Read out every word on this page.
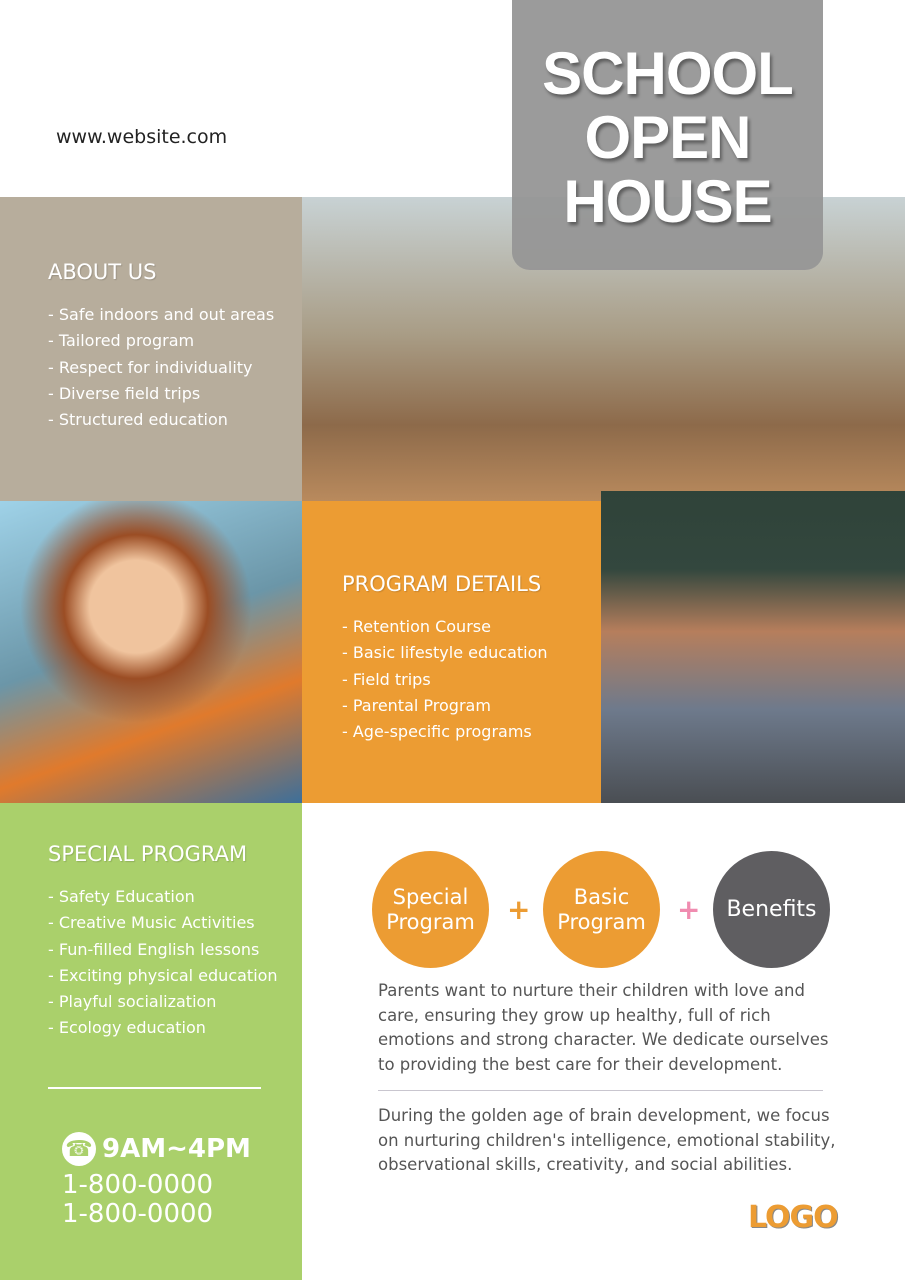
www.website.com
ABOUT US
- Safe indoors and out areas
- Tailored program
- Respect for individuality
- Diverse field trips
- Structured education
PROGRAM DETAILS
- Retention Course
- Basic lifestyle education
- Field trips
- Parental Program
- Age-specific programs
SCHOOL
OPEN
HOUSE
SPECIAL PROGRAM
- Safety Education
- Creative Music Activities
- Fun-filled English lessons
- Exciting physical education
- Playful socialization
- Ecology education
☎ 9AM~4PM
1-800-0000
1-800-0000
Special Program	+	Basic Program	+	Benefits
Parents want to nurture their children with love and care, ensuring they grow up healthy, full of rich emotions and strong character. We dedicate ourselves to providing the best care for their development.
During the golden age of brain development, we focus on nurturing children's intelligence, emotional stability, observational skills, creativity, and social abilities.
LOGO
